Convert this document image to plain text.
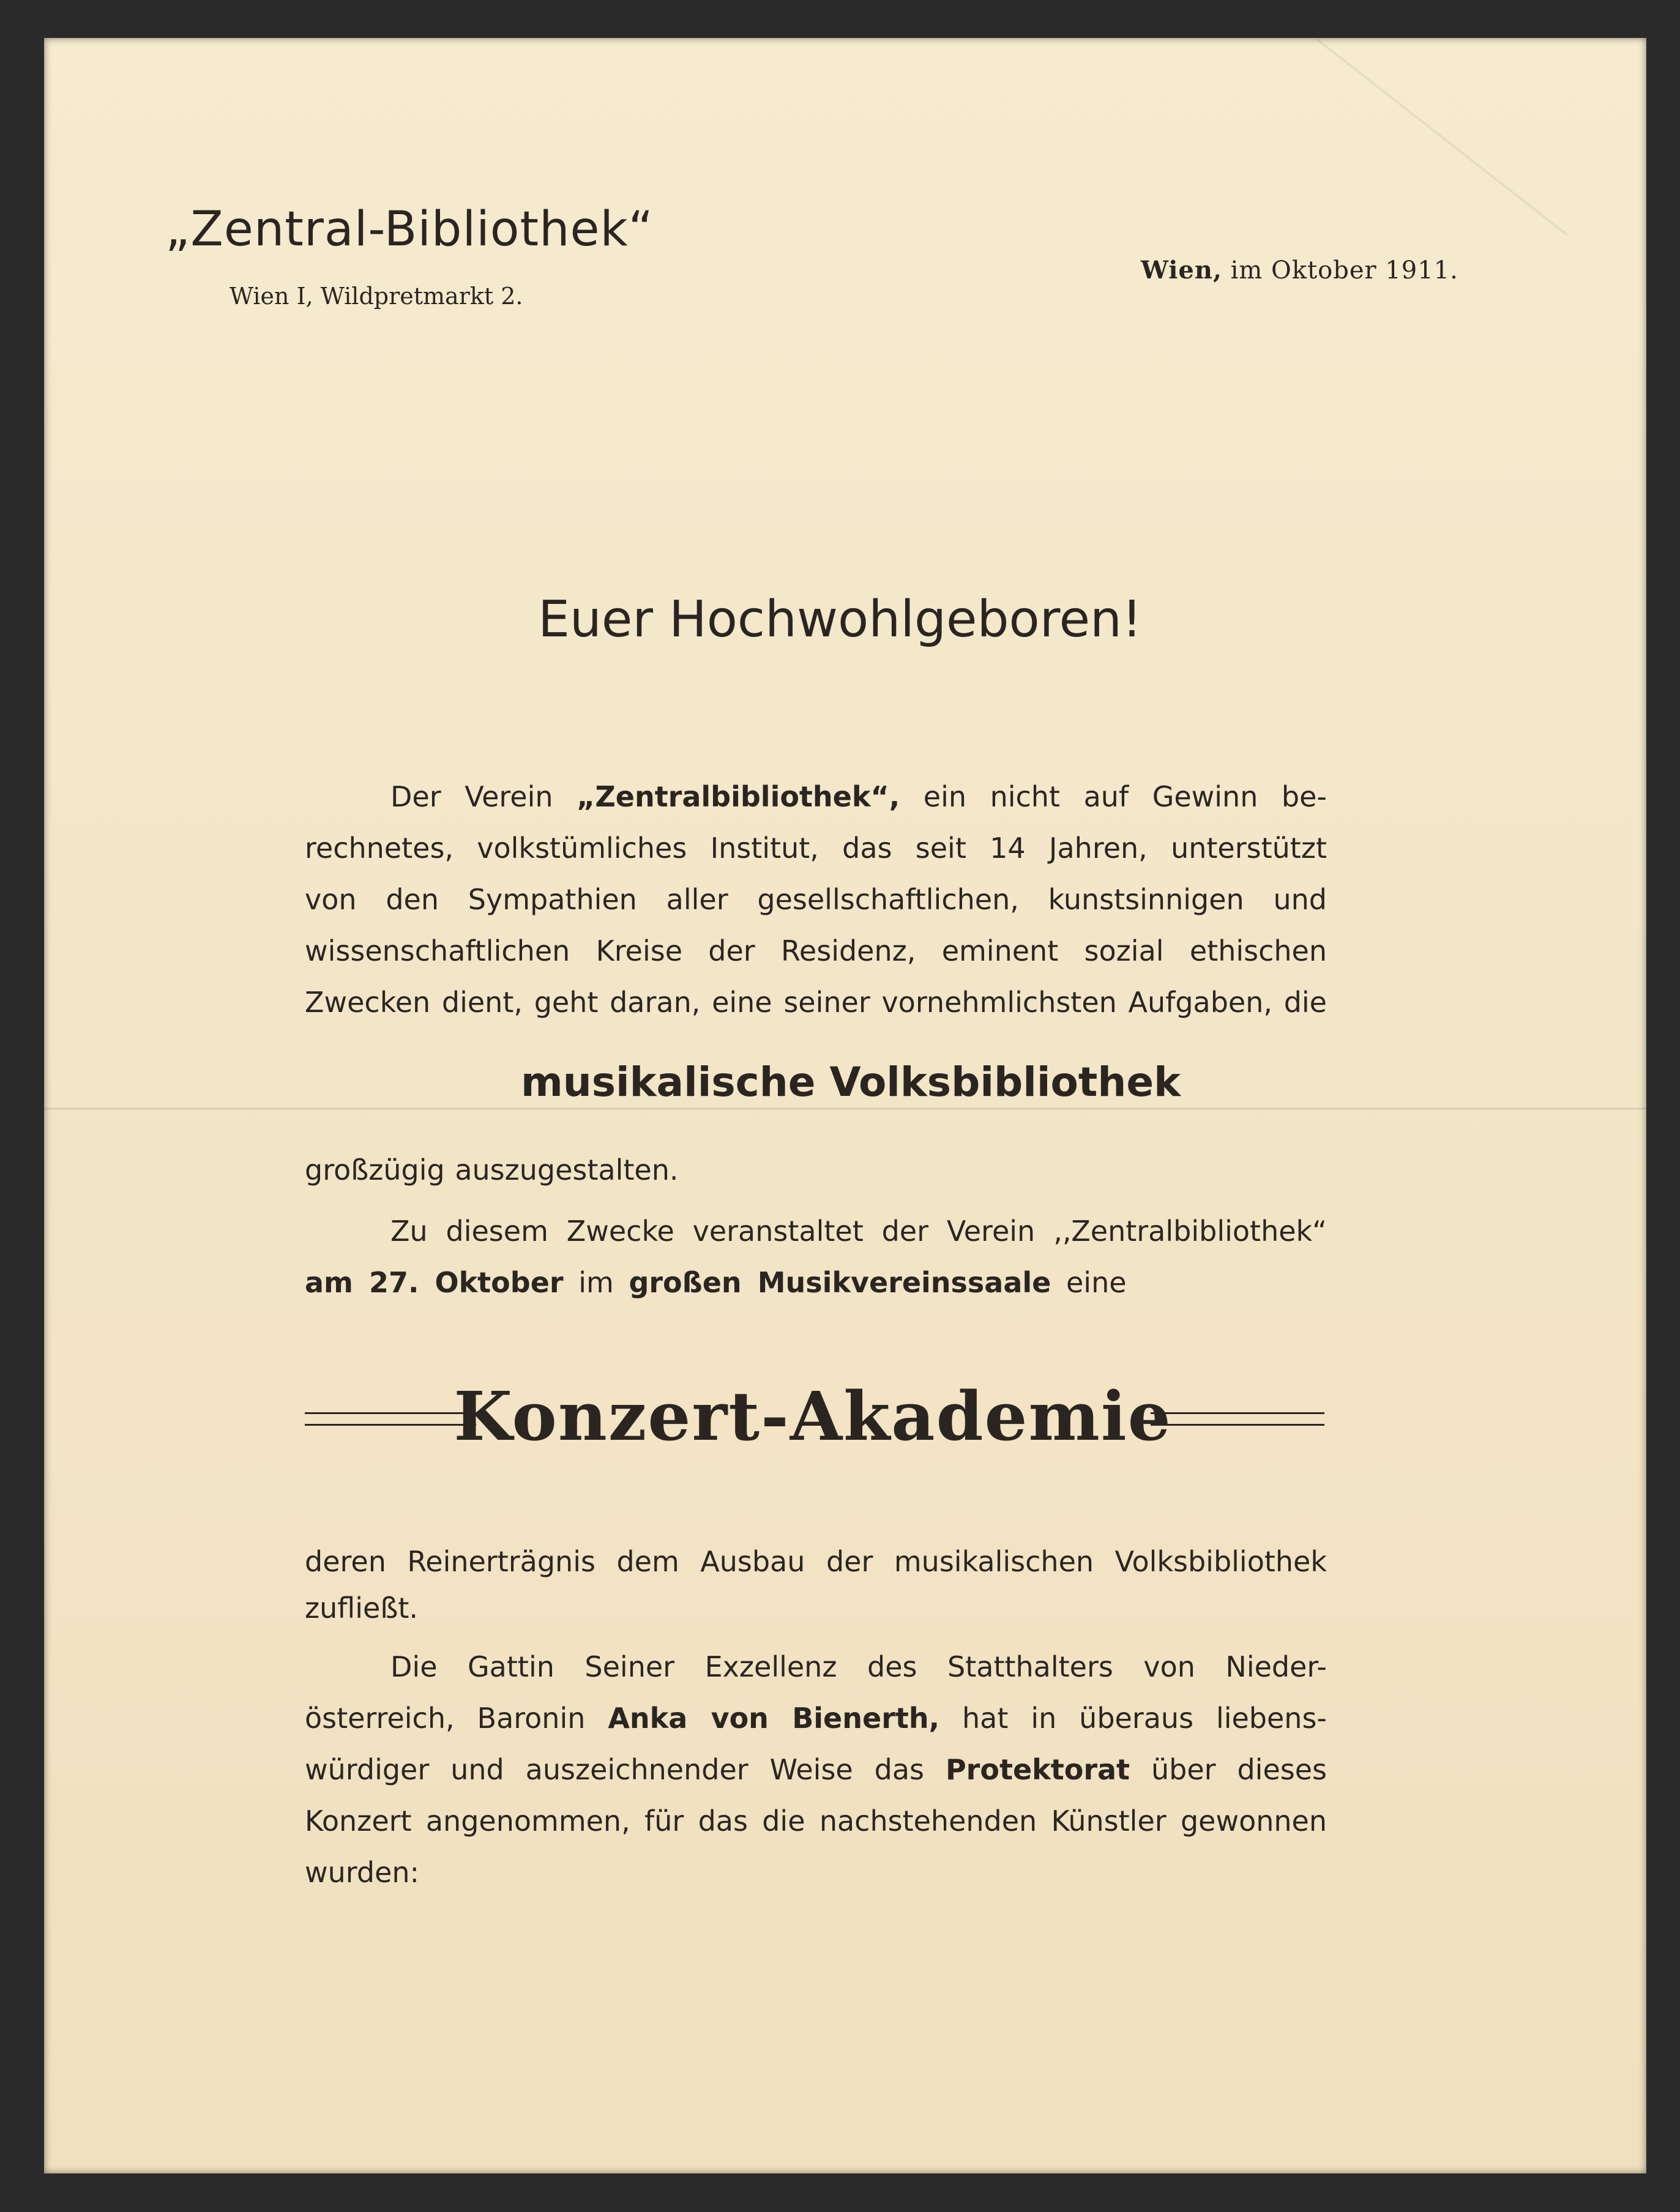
„Zentral-Bibliothek“
Wien I, Wildpretmarkt 2.
Wien, im Oktober 1911.
Euer Hochwohlgeboren!
Der Verein „Zentralbibliothek“, ein nicht auf Gewinn be-
rechnetes, volkstümliches Institut, das seit 14 Jahren, unterstützt
von den Sympathien aller gesellschaftlichen, kunstsinnigen und
wissenschaftlichen Kreise der Residenz, eminent sozial ethischen
Zwecken dient, geht daran, eine seiner vornehmlichsten Aufgaben, die
musikalische Volksbibliothek
großzügig auszugestalten.
Zu diesem Zwecke veranstaltet der Verein ‚‚Zentralbibliothek“
am 27. Oktober im großen Musikvereinssaale eine
Konzert-Akademie
deren Reinerträgnis dem Ausbau der musikalischen Volksbibliothek
zufließt.
Die Gattin Seiner Exzellenz des Statthalters von Nieder-
österreich, Baronin Anka von Bienerth, hat in überaus liebens-
würdiger und auszeichnender Weise das Protektorat über dieses
Konzert angenommen, für das die nachstehenden Künstler gewonnen
wurden:
